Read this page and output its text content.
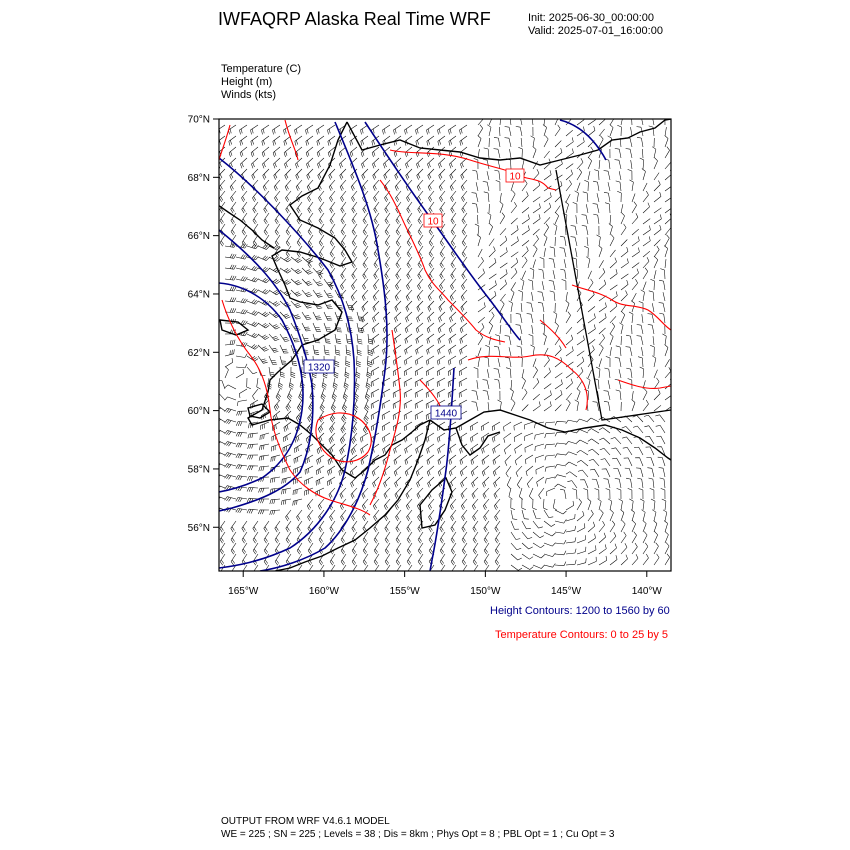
IWFAQRP Alaska Real Time WRF	Init: 2025-06-30_00:00:00
Valid: 2025-07-01_16:00:00
Temperature (C)
Height (m)
Winds (kts)
1320
1440
10
10
56°N
58°N
60°N
62°N
64°N
66°N
68°N
70°N
165°W	160°W	155°W	150°W	145°W	140°W
Height Contours: 1200 to 1560 by 60
Temperature Contours: 0 to 25 by 5
OUTPUT FROM WRF V4.6.1 MODEL
WE = 225 ; SN = 225 ; Levels = 38 ; Dis = 8km ; Phys Opt = 8 ; PBL Opt = 1 ; Cu Opt = 3
